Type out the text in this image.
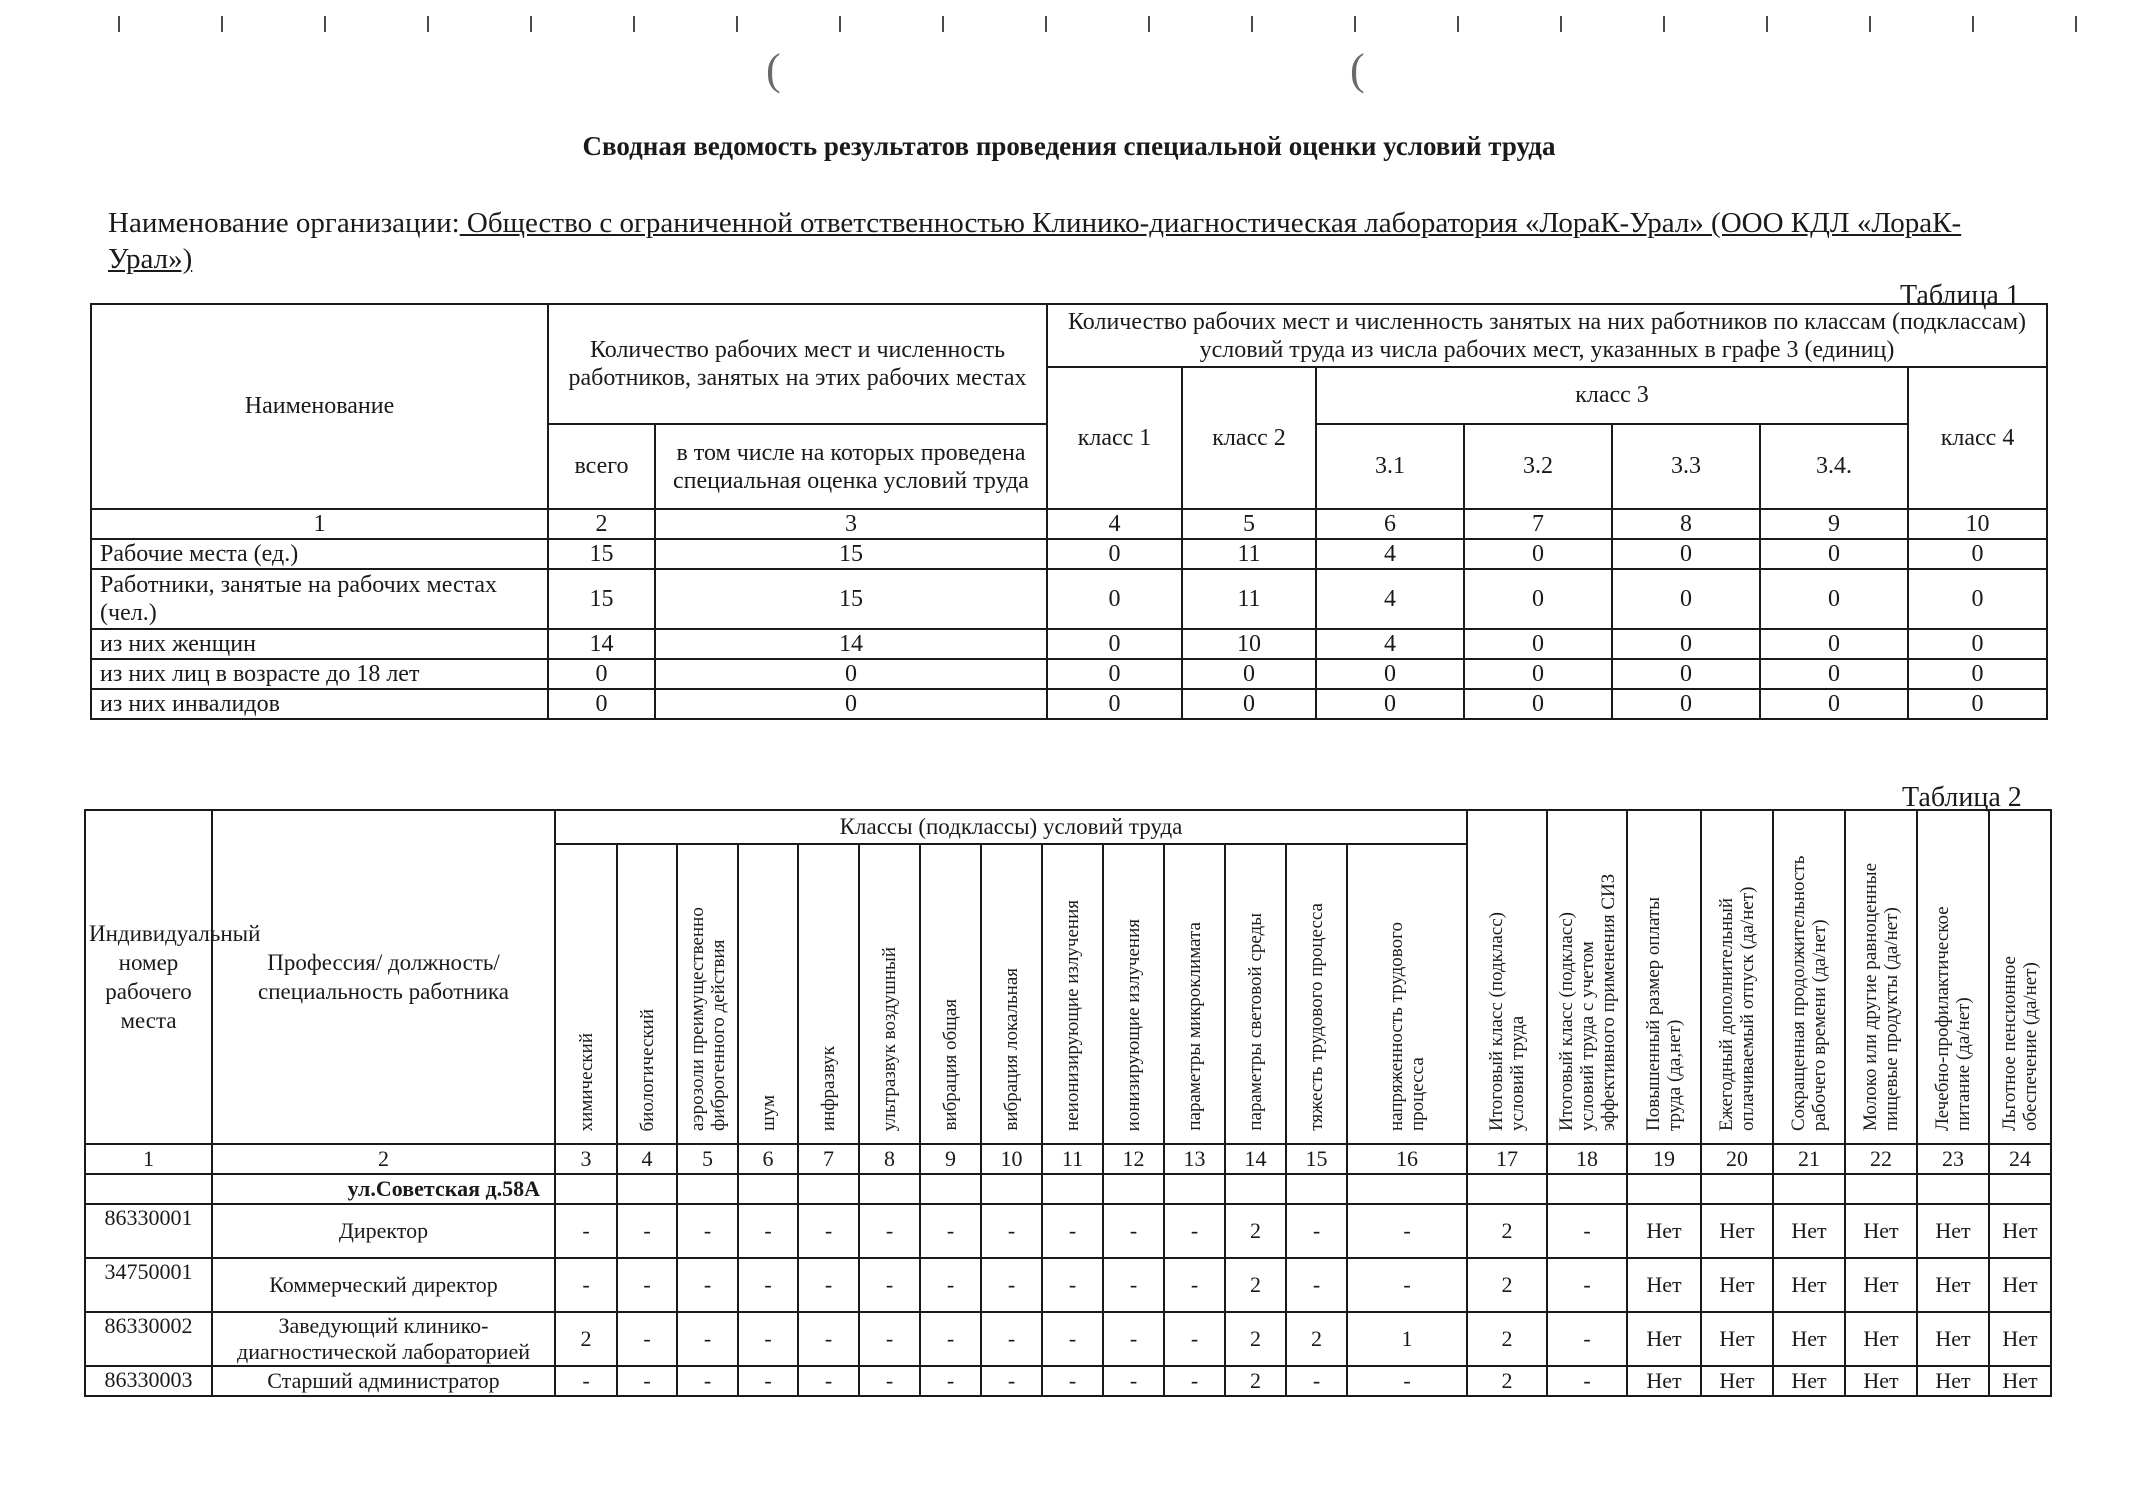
(	(
Сводная ведомость результатов проведения специальной оценки условий труда
Наименование организации: Общество с ограниченной ответственностью Клинико-диагностическая лаборатория «ЛораК-Урал» (ООО КДЛ «ЛораК-Урал»)
Таблица 1
Наименование	Количество рабочих мест и численность работников, занятых на этих рабочих местах		Количество рабочих мест и численность занятых на них работников по классам (подклассам) условий труда из числа рабочих мест, указанных в графе 3 (единиц)						
			класс 1	класс 2	класс 3				класс 4
	всего	в том числе на которых проведена специальная оценка условий труда			3.1	3.2	3.3	3.4.	
1	2	3	4	5	6	7	8	9	10
Рабочие места (ед.)	15	15	0	11	4	0	0	0	0
Работники, занятые на рабочих местах (чел.)	15	15	0	11	4	0	0	0	0
из них женщин	14	14	0	10	4	0	0	0	0
из них лиц в возрасте до 18 лет	0	0	0	0	0	0	0	0	0
из них инвалидов	0	0	0	0	0	0	0	0	0
Таблица 2
Индивидуальный номер рабочего места	Профессия/ должность/ специальность работника	Классы (подклассы) условий труда														Итоговый класс (подкласс) условий труда	Итоговый класс (подкласс) условий труда с учетом эффективного применения СИЗ	Повышенный размер оплаты труда (да,нет)	Ежегодный дополнительный оплачиваемый отпуск (да/нет)	Сокращенная продолжительность рабочего времени (да/нет)	Молоко или другие равноценные пищевые продукты (да/нет)	Лечебно-профилактическое питание (да/нет)	Льготное пенсионное обеспечение (да/нет)
		химический	биологический	аэрозоли преимущественно фиброгенного действия	шум	инфразвук	ультразвук воздушный	вибрация общая	вибрация локальная	неионизирующие излучения	ионизирующие излучения	параметры микроклимата	параметры световой среды	тяжесть трудового процесса	напряженность трудового процесса								
1	2	3	4	5	6	7	8	9	10	11	12	13	14	15	16	17	18	19	20	21	22	23	24
	ул.Советская д.58А																						
86330001	Директор	-	-	-	-	-	-	-	-	-	-	-	2	-	-	2	-	Нет	Нет	Нет	Нет	Нет	Нет
34750001	Коммерческий директор	-	-	-	-	-	-	-	-	-	-	-	2	-	-	2	-	Нет	Нет	Нет	Нет	Нет	Нет
86330002	Заведующий клинико-диагностической лабораторией	2	-	-	-	-	-	-	-	-	-	-	2	2	1	2	-	Нет	Нет	Нет	Нет	Нет	Нет
86330003	Старший администратор	-	-	-	-	-	-	-	-	-	-	-	2	-	-	2	-	Нет	Нет	Нет	Нет	Нет	Нет
